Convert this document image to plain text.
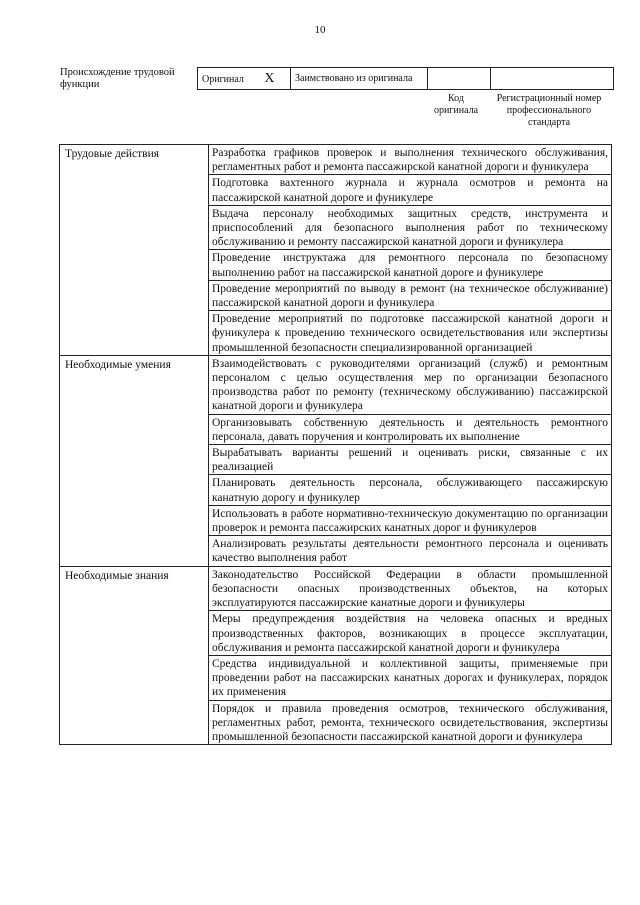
10
Происхождение трудовой функции	Оригинал X	Заимствовано из оригинала		
Код оригинала
Регистрационный номер профессионального стандарта
Трудовые действия	Разработка графиков проверок и выполнения технического обслуживания, регламентных работ и ремонта пассажирской канатной дороги и фуникулера
	Подготовка вахтенного журнала и журнала осмотров и ремонта на пассажирской канатной дороге и фуникулере
	Выдача персоналу необходимых защитных средств, инструмента и приспособлений для безопасного выполнения работ по техническому обслуживанию и ремонту пассажирской канатной дороги и фуникулера
	Проведение инструктажа для ремонтного персонала по безопасному выполнению работ на пассажирской канатной дороге и фуникулере
	Проведение мероприятий по выводу в ремонт (на техническое обслуживание) пассажирской канатной дороги и фуникулера
	Проведение мероприятий по подготовке пассажирской канатной дороги и фуникулера к проведению технического освидетельствования или экспертизы промышленной безопасности специализированной организацией
Необходимые умения	Взаимодействовать с руководителями организаций (служб) и ремонтным персоналом с целью осуществления мер по организации безопасного производства работ по ремонту (техническому обслуживанию) пассажирской канатной дороги и фуникулера
	Организовывать собственную деятельность и деятельность ремонтного персонала, давать поручения и контролировать их выполнение
	Вырабатывать варианты решений и оценивать риски, связанные с их реализацией
	Планировать деятельность персонала, обслуживающего пассажирскую канатную дорогу и фуникулер
	Использовать в работе нормативно-техническую документацию по организации проверок и ремонта пассажирских канатных дорог и фуникулеров
	Анализировать результаты деятельности ремонтного персонала и оценивать качество выполнения работ
Необходимые знания	Законодательство Российской Федерации в области промышленной безопасности опасных производственных объектов, на которых эксплуатируются пассажирские канатные дороги и фуникулеры
	Меры предупреждения воздействия на человека опасных и вредных производственных факторов, возникающих в процессе эксплуатации, обслуживания и ремонта пассажирской канатной дороги и фуникулера
	Средства индивидуальной и коллективной защиты, применяемые при проведении работ на пассажирских канатных дорогах и фуникулерах, порядок их применения
	Порядок и правила проведения осмотров, технического обслуживания, регламентных работ, ремонта, технического освидетельствования, экспертизы промышленной безопасности пассажирской канатной дороги и фуникулера
